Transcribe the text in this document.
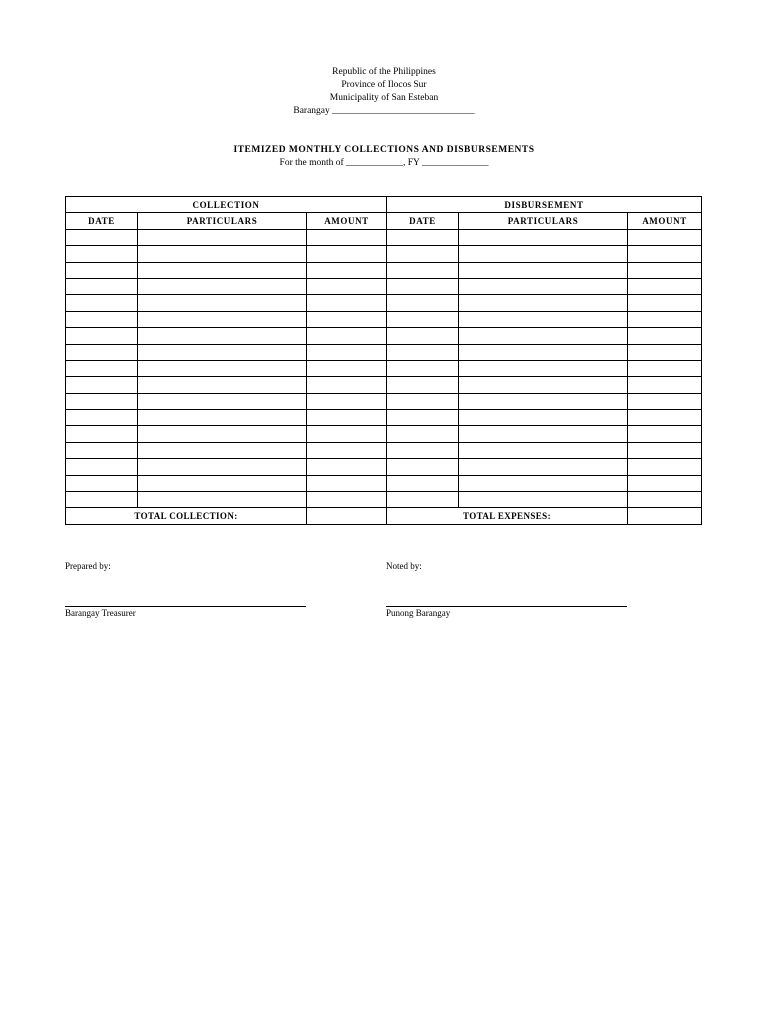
Republic of the Philippines
Province of Ilocos Sur
Municipality of San Esteban
Barangay ______________________________
ITEMIZED MONTHLY COLLECTIONS AND DISBURSEMENTS
For the month of ____________, FY ______________
COLLECTION			DISBURSEMENT		
DATE	PARTICULARS	AMOUNT	DATE	PARTICULARS	AMOUNT

TOTAL COLLECTION:			TOTAL EXPENSES:		
Prepared by:
Barangay Treasurer
Noted by:
Punong Barangay
